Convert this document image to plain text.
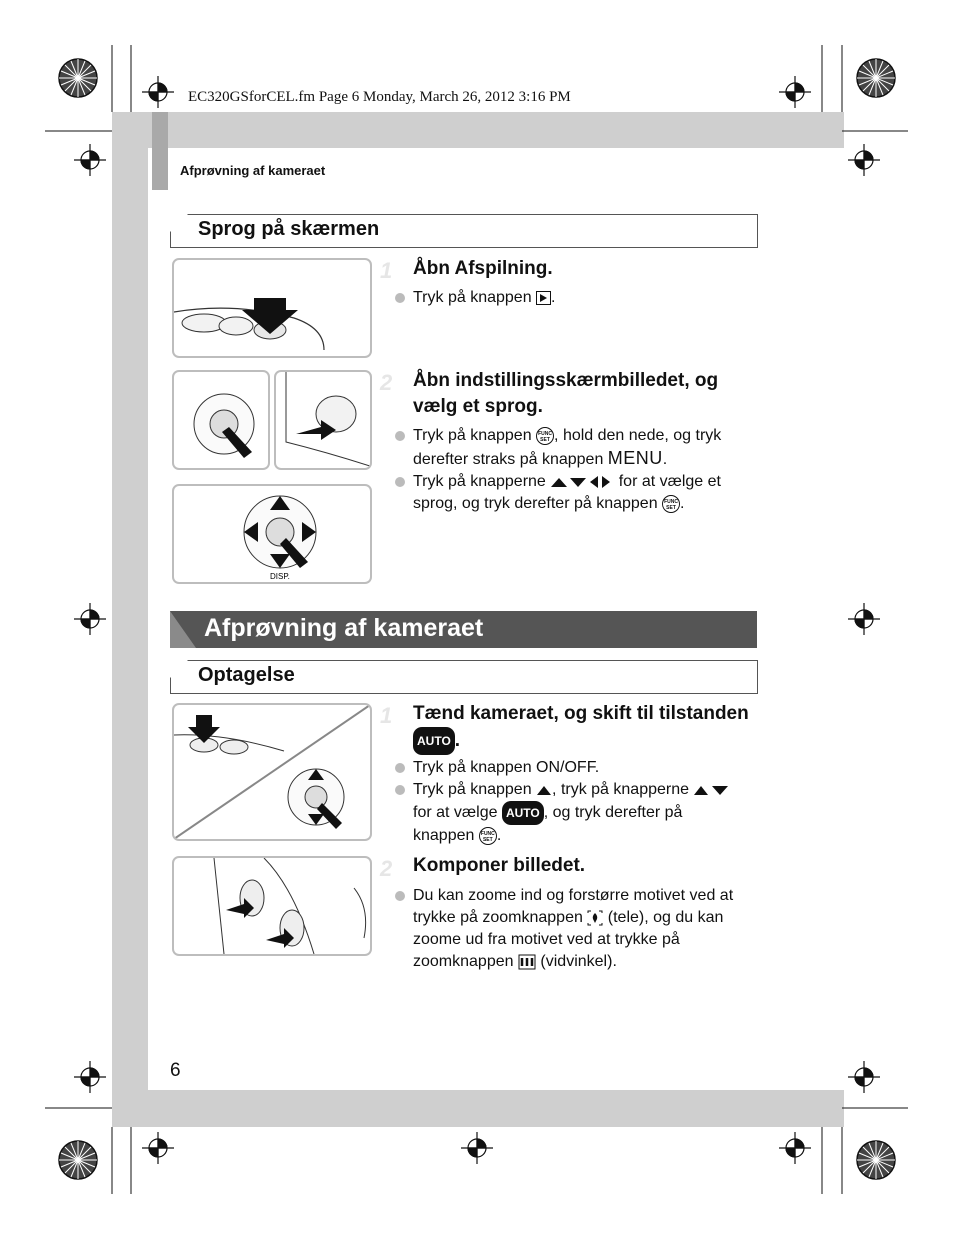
EC320GSforCEL.fm Page 6 Monday, March 26, 2012 3:16 PM
Afprøvning af kameraet
Sprog på skærmen
1 Åbn Afspilning.

Tryk på knappen .

DISP.
2 Åbn indstillingsskærmbilledet, og vælg et sprog.

Tryk på knappen FUNC
SET , hold den nede, og tryk derefter straks på knappen MENU.

Tryk på knapperne	for at vælge et sprog, og tryk derefter på knappen FUNC
SET .

Afprøvning af kameraet
Optagelse
1 Tænd kameraet, og skift til tilstanden AUTO .

Tryk på knappen ON/OFF.

Tryk på knappen , tryk på knapperne  for at vælge AUTO , og tryk derefter på knappen FUNC
SET .

2 Komponer billedet.

Du kan zoome ind og forstørre motivet ved at trykke på zoomknappen (tele), og du kan zoome ud fra motivet ved at trykke på zoomknappen (vidvinkel).

6
